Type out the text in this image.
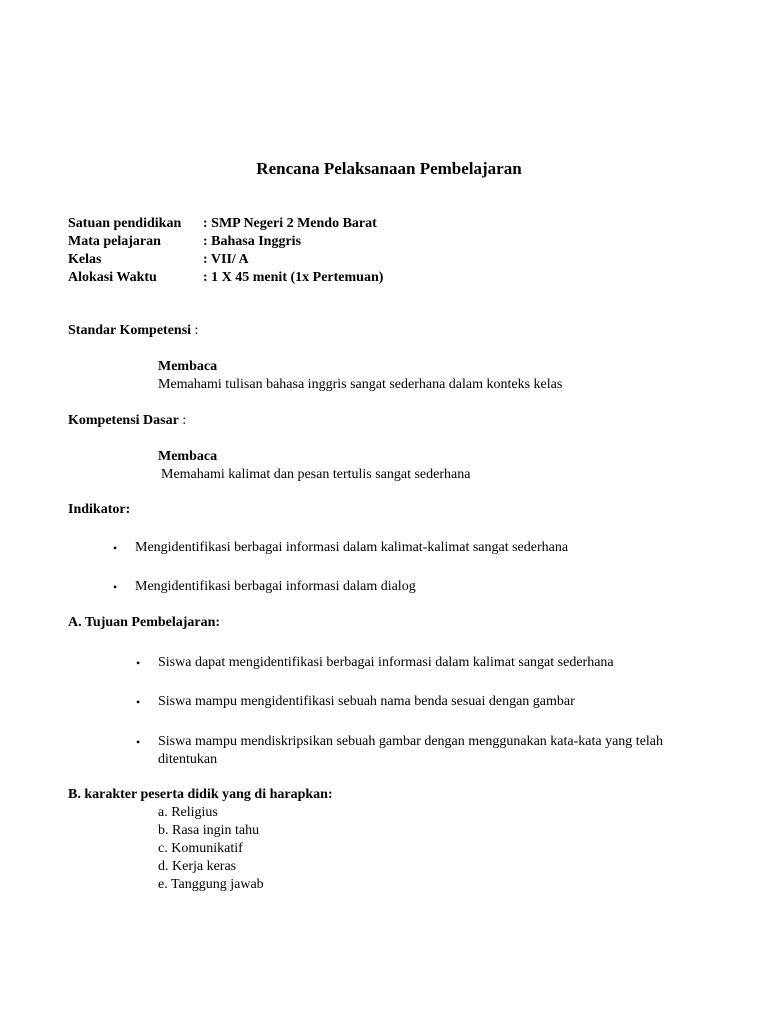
Rencana Pelaksanaan Pembelajaran
Satuan pendidikan : SMP Negeri 2 Mendo Barat
Mata pelajaran	: Bahasa Inggris
Kelas	: VII/ A
Alokasi Waktu	: 1 X 45 menit (1x Pertemuan)
Standar Kompetensi :
Membaca
Memahami tulisan bahasa inggris sangat sederhana dalam konteks kelas
Kompetensi Dasar :
Membaca
Memahami kalimat dan pesan tertulis sangat sederhana
Indikator:
• Mengidentifikasi berbagai informasi dalam kalimat-kalimat sangat sederhana
• Mengidentifikasi berbagai informasi dalam dialog
A. Tujuan Pembelajaran:
• Siswa dapat mengidentifikasi berbagai informasi dalam kalimat sangat sederhana
• Siswa mampu mengidentifikasi sebuah nama benda sesuai dengan gambar
• Siswa mampu mendiskripsikan sebuah gambar dengan menggunakan kata-kata yang telah
ditentukan
B. karakter peserta didik yang di harapkan:
a. Religius
b. Rasa ingin tahu
c. Komunikatif
d. Kerja keras
e. Tanggung jawab
